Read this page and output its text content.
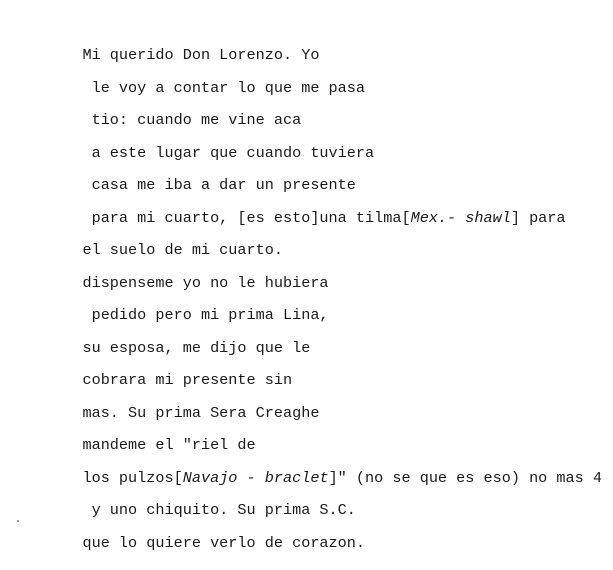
Mi querido Don Lorenzo. Yo

le voy a contar lo que me pasa

tio: cuando me vine aca

a este lugar que cuando tuviera

casa me iba a dar un presente

para mi cuarto, [es esto]una tilma[Mex.- shawl] para

el suelo de mi cuarto.

dispenseme yo no le hubiera

pedido pero mi prima Lina,

su esposa, me dijo que le

cobrara mi presente sin

mas. Su prima Sera Creaghe

mandeme el "riel de

los pulzos[Navajo - braclet]" (no se que es eso) no mas 4

y uno chiquito. Su prima S.C.

que lo quiere verlo de corazon.
